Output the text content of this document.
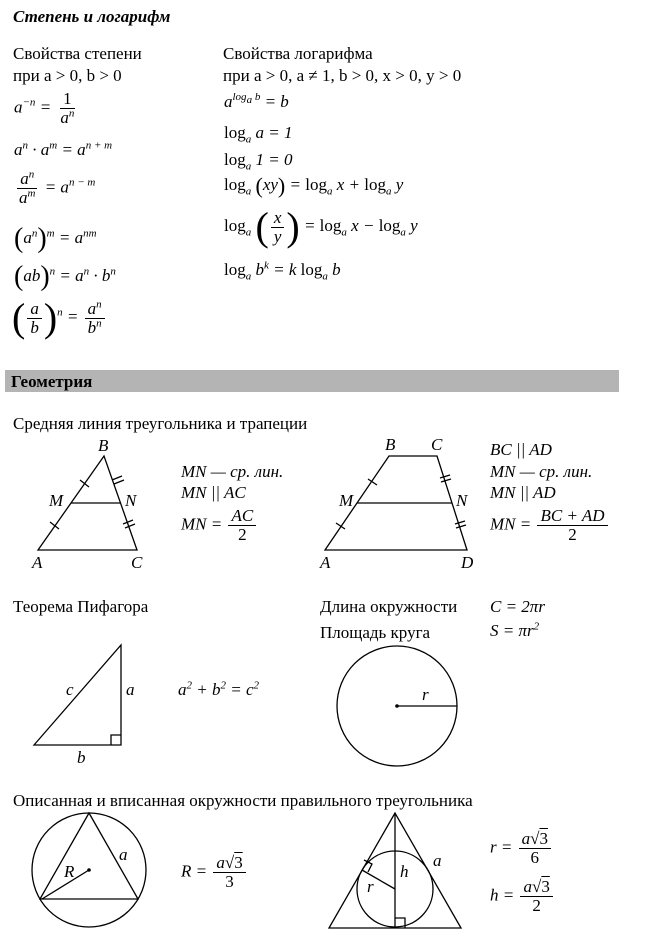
Степень и логарифм
Свойства степени
при a > 0, b > 0
$a^{-n} = \frac{1}{a^n}$
$a^n \cdot a^m = a^{n + m}$
$\frac{a^n}{a^m} = a^{n - m}$
$(a^n)^m = a^{nm}$
$(ab)^n = a^n \cdot b^n$
( $\frac{a}{b} )^n = \frac{a^n}{b^n}$
Свойства логарифма
при a > 0, a ≠ 1, b > 0, x > 0, y > 0
$a^{log_a b} = b$
$\log_a a = 1$
$\log_a 1 = 0$
$\log_a (xy) = \log_a x + \log_a y$
$\log_a$ ( $\frac{x}{y}$ ) = $\log_a x - \log_a y$
$\log_a b^k = k$ $\log_a b$
Геометрия
Средняя линия треугольника и трапеции
B
M	N
A	C
B C
M	N
A	D
c	a
b
r
R
a
r
h
a
MN — ср. лин.
MN || AC
MN = $\frac{AC}{2}$
BC || AD
MN — ср. лин.
MN || AD
MN = $\frac{BC + AD}{2}$
Теорема Пифагора
$a^2 + b^2 = c^2$
Длина окружности C = 2πr
Площадь круга	$S = \pi r^2$
Описанная и вписанная окружности правильного треугольника
$R = \frac{a√3}{3}$
$r = \frac{a√3}{6}$
$h = \frac{a√3}{2}$
